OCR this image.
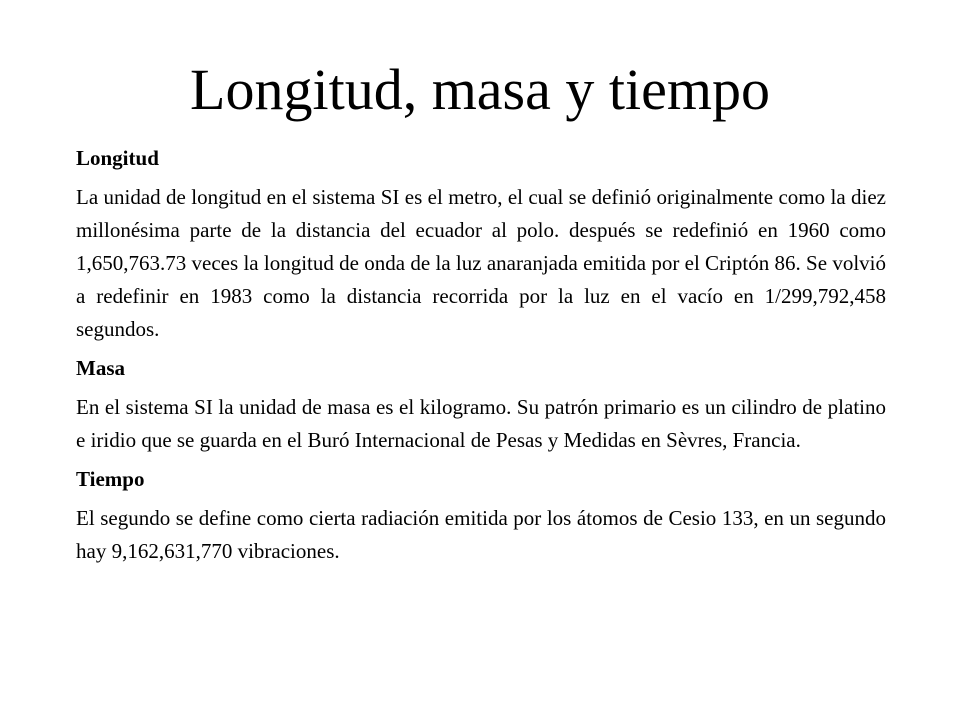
Longitud, masa y tiempo

Longitud

La unidad de longitud en el sistema SI es el metro, el cual se definió originalmente como la diez millonésima parte de la distancia del ecuador al polo. después se redefinió en 1960 como 1,650,763.73 veces la longitud de onda de la luz anaranjada emitida por el Criptón 86. Se volvió a redefinir en 1983 como la distancia recorrida por la luz en el vacío en 1/299,792,458 segundos.

Masa

En el sistema SI la unidad de masa es el kilogramo. Su patrón primario es un cilindro de platino e iridio que se guarda en el Buró Internacional de Pesas y Medidas en Sèvres, Francia.

Tiempo

El segundo se define como cierta radiación emitida por los átomos de Cesio 133, en un segundo hay 9,162,631,770 vibraciones.
